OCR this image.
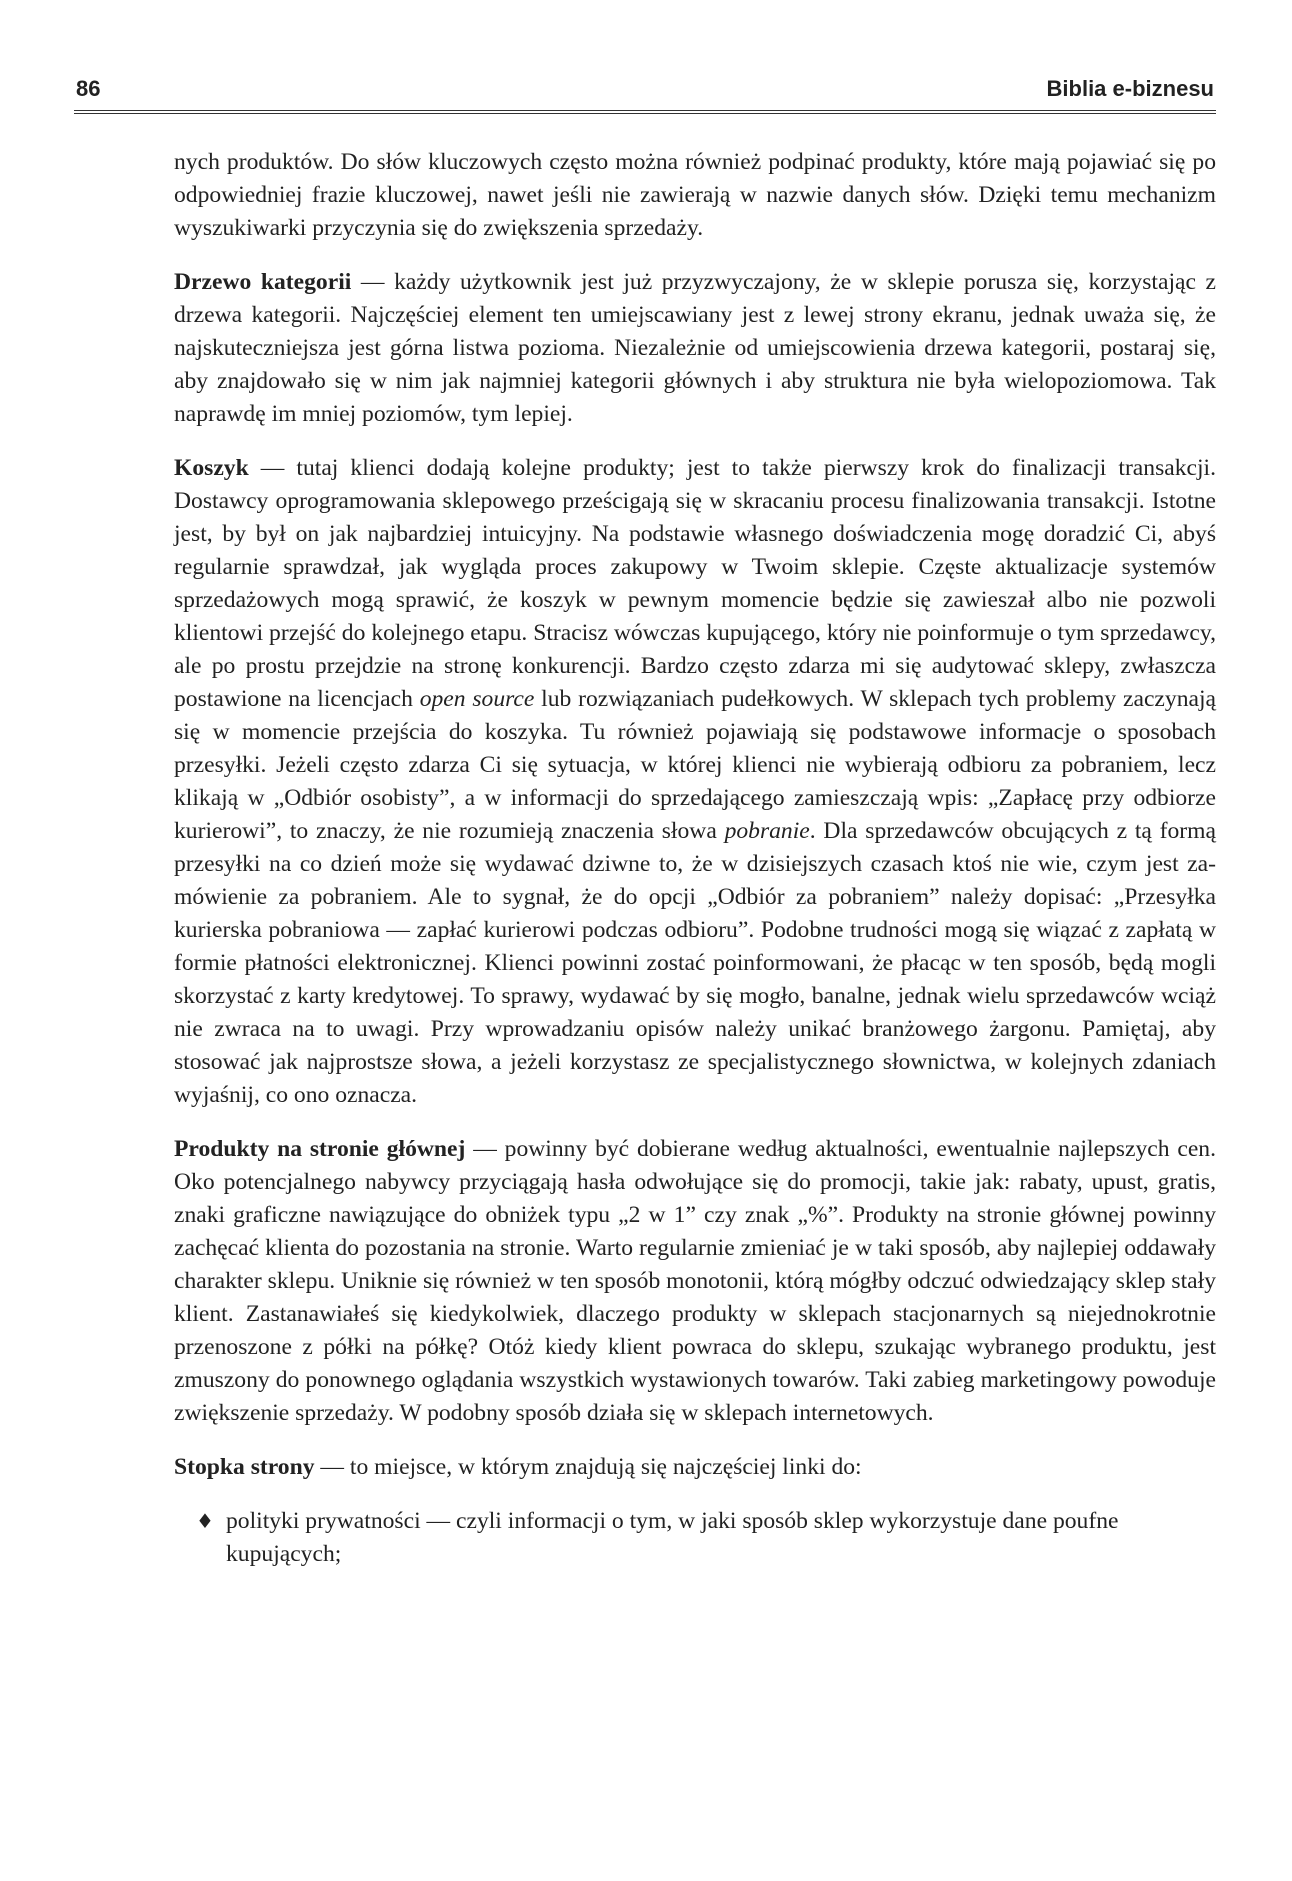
86	Biblia e-biznesu

nych produktów. Do słów kluczowych często można również podpinać produkty, które mają pojawiać się po odpowiedniej frazie kluczowej, nawet jeśli nie zawierają w nazwie danych słów. Dzięki temu mechanizm wyszukiwarki przyczynia się do zwiększenia sprzedaży.

Drzewo kategorii — każdy użytkownik jest już przyzwyczajony, że w sklepie porusza się, korzystając z drzewa kategorii. Najczęściej element ten umiejscawiany jest z lewej strony ekranu, jednak uważa się, że najskuteczniejsza jest górna listwa pozioma. Niezależnie od umiejscowienia drzewa kategorii, postaraj się, aby znajdowało się w nim jak najmniej kategorii głównych i aby struktura nie była wielopoziomowa. Tak naprawdę im mniej poziomów, tym lepiej.

Koszyk — tutaj klienci dodają kolejne produkty; jest to także pierwszy krok do finalizacji transakcji. Dostawcy oprogramowania sklepowego prześcigają się w skracaniu procesu finalizowania transakcji. Istotne jest, by był on jak najbardziej intuicyjny. Na podstawie własnego doświadczenia mogę doradzić Ci, abyś regularnie sprawdzał, jak wygląda proces zakupowy w Twoim sklepie. Częste aktualizacje systemów sprzedażowych mogą sprawić, że koszyk w pewnym momencie będzie się zawieszał albo nie pozwoli klientowi przejść do kolejnego etapu. Stracisz wówczas kupującego, który nie poinformuje o tym sprzedawcy, ale po prostu przejdzie na stronę konkurencji. Bardzo często zdarza mi się audytować sklepy, zwłaszcza postawione na licencjach open source lub rozwiązaniach pudełkowych. W sklepach tych problemy zaczynają się w momencie przejścia do koszyka. Tu również pojawiają się podstawowe informacje o sposobach przesyłki. Jeżeli często zdarza Ci się sytuacja, w której klienci nie wybierają odbioru za pobraniem, lecz klikają w „Odbiór osobisty”, a w informacji do sprzedającego zamieszczają wpis: „Zapłacę przy odbiorze kurierowi”, to znaczy, że nie rozumieją znaczenia słowa pobranie. Dla sprzedawców obcujących z tą formą przesyłki na co dzień może się wydawać dziwne to, że w dzisiejszych czasach ktoś nie wie, czym jest zamówienie za pobraniem. Ale to sygnał, że do opcji „Odbiór za pobraniem” należy dopisać: „Przesyłka kurierska pobraniowa — zapłać kurierowi podczas odbioru”. Podobne trudności mogą się wiązać z zapłatą w formie płatności elektronicznej. Klienci powinni zostać poinformowani, że płacąc w ten sposób, będą mogli skorzystać z karty kredytowej. To sprawy, wydawać by się mogło, banalne, jednak wielu sprzedawców wciąż nie zwraca na to uwagi. Przy wprowadzaniu opisów należy unikać branżowego żargonu. Pamiętaj, aby stosować jak najprostsze słowa, a jeżeli korzystasz ze specjalistycznego słownictwa, w kolejnych zdaniach wyjaśnij, co ono oznacza.

Produkty na stronie głównej — powinny być dobierane według aktualności, ewentualnie najlepszych cen. Oko potencjalnego nabywcy przyciągają hasła odwołujące się do promocji, takie jak: rabaty, upust, gratis, znaki graficzne nawiązujące do obniżek typu „2 w 1” czy znak „%”. Produkty na stronie głównej powinny zachęcać klienta do pozostania na stronie. Warto regularnie zmieniać je w taki sposób, aby najlepiej oddawały charakter sklepu. Uniknie się również w ten sposób monotonii, którą mógłby odczuć odwiedzający sklep stały klient. Zastanawiałeś się kiedykolwiek, dlaczego produkty w sklepach stacjonarnych są niejednokrotnie przenoszone z półki na półkę? Otóż kiedy klient powraca do sklepu, szukając wybranego produktu, jest zmuszony do ponownego oglądania wszystkich wystawionych towarów. Taki zabieg marketingowy powoduje zwiększenie sprzedaży. W podobny sposób działa się w sklepach internetowych.

Stopka strony — to miejsce, w którym znajdują się najczęściej linki do:

♦ polityki prywatności — czyli informacji o tym, w jaki sposób sklep wykorzystuje dane poufne kupujących;
